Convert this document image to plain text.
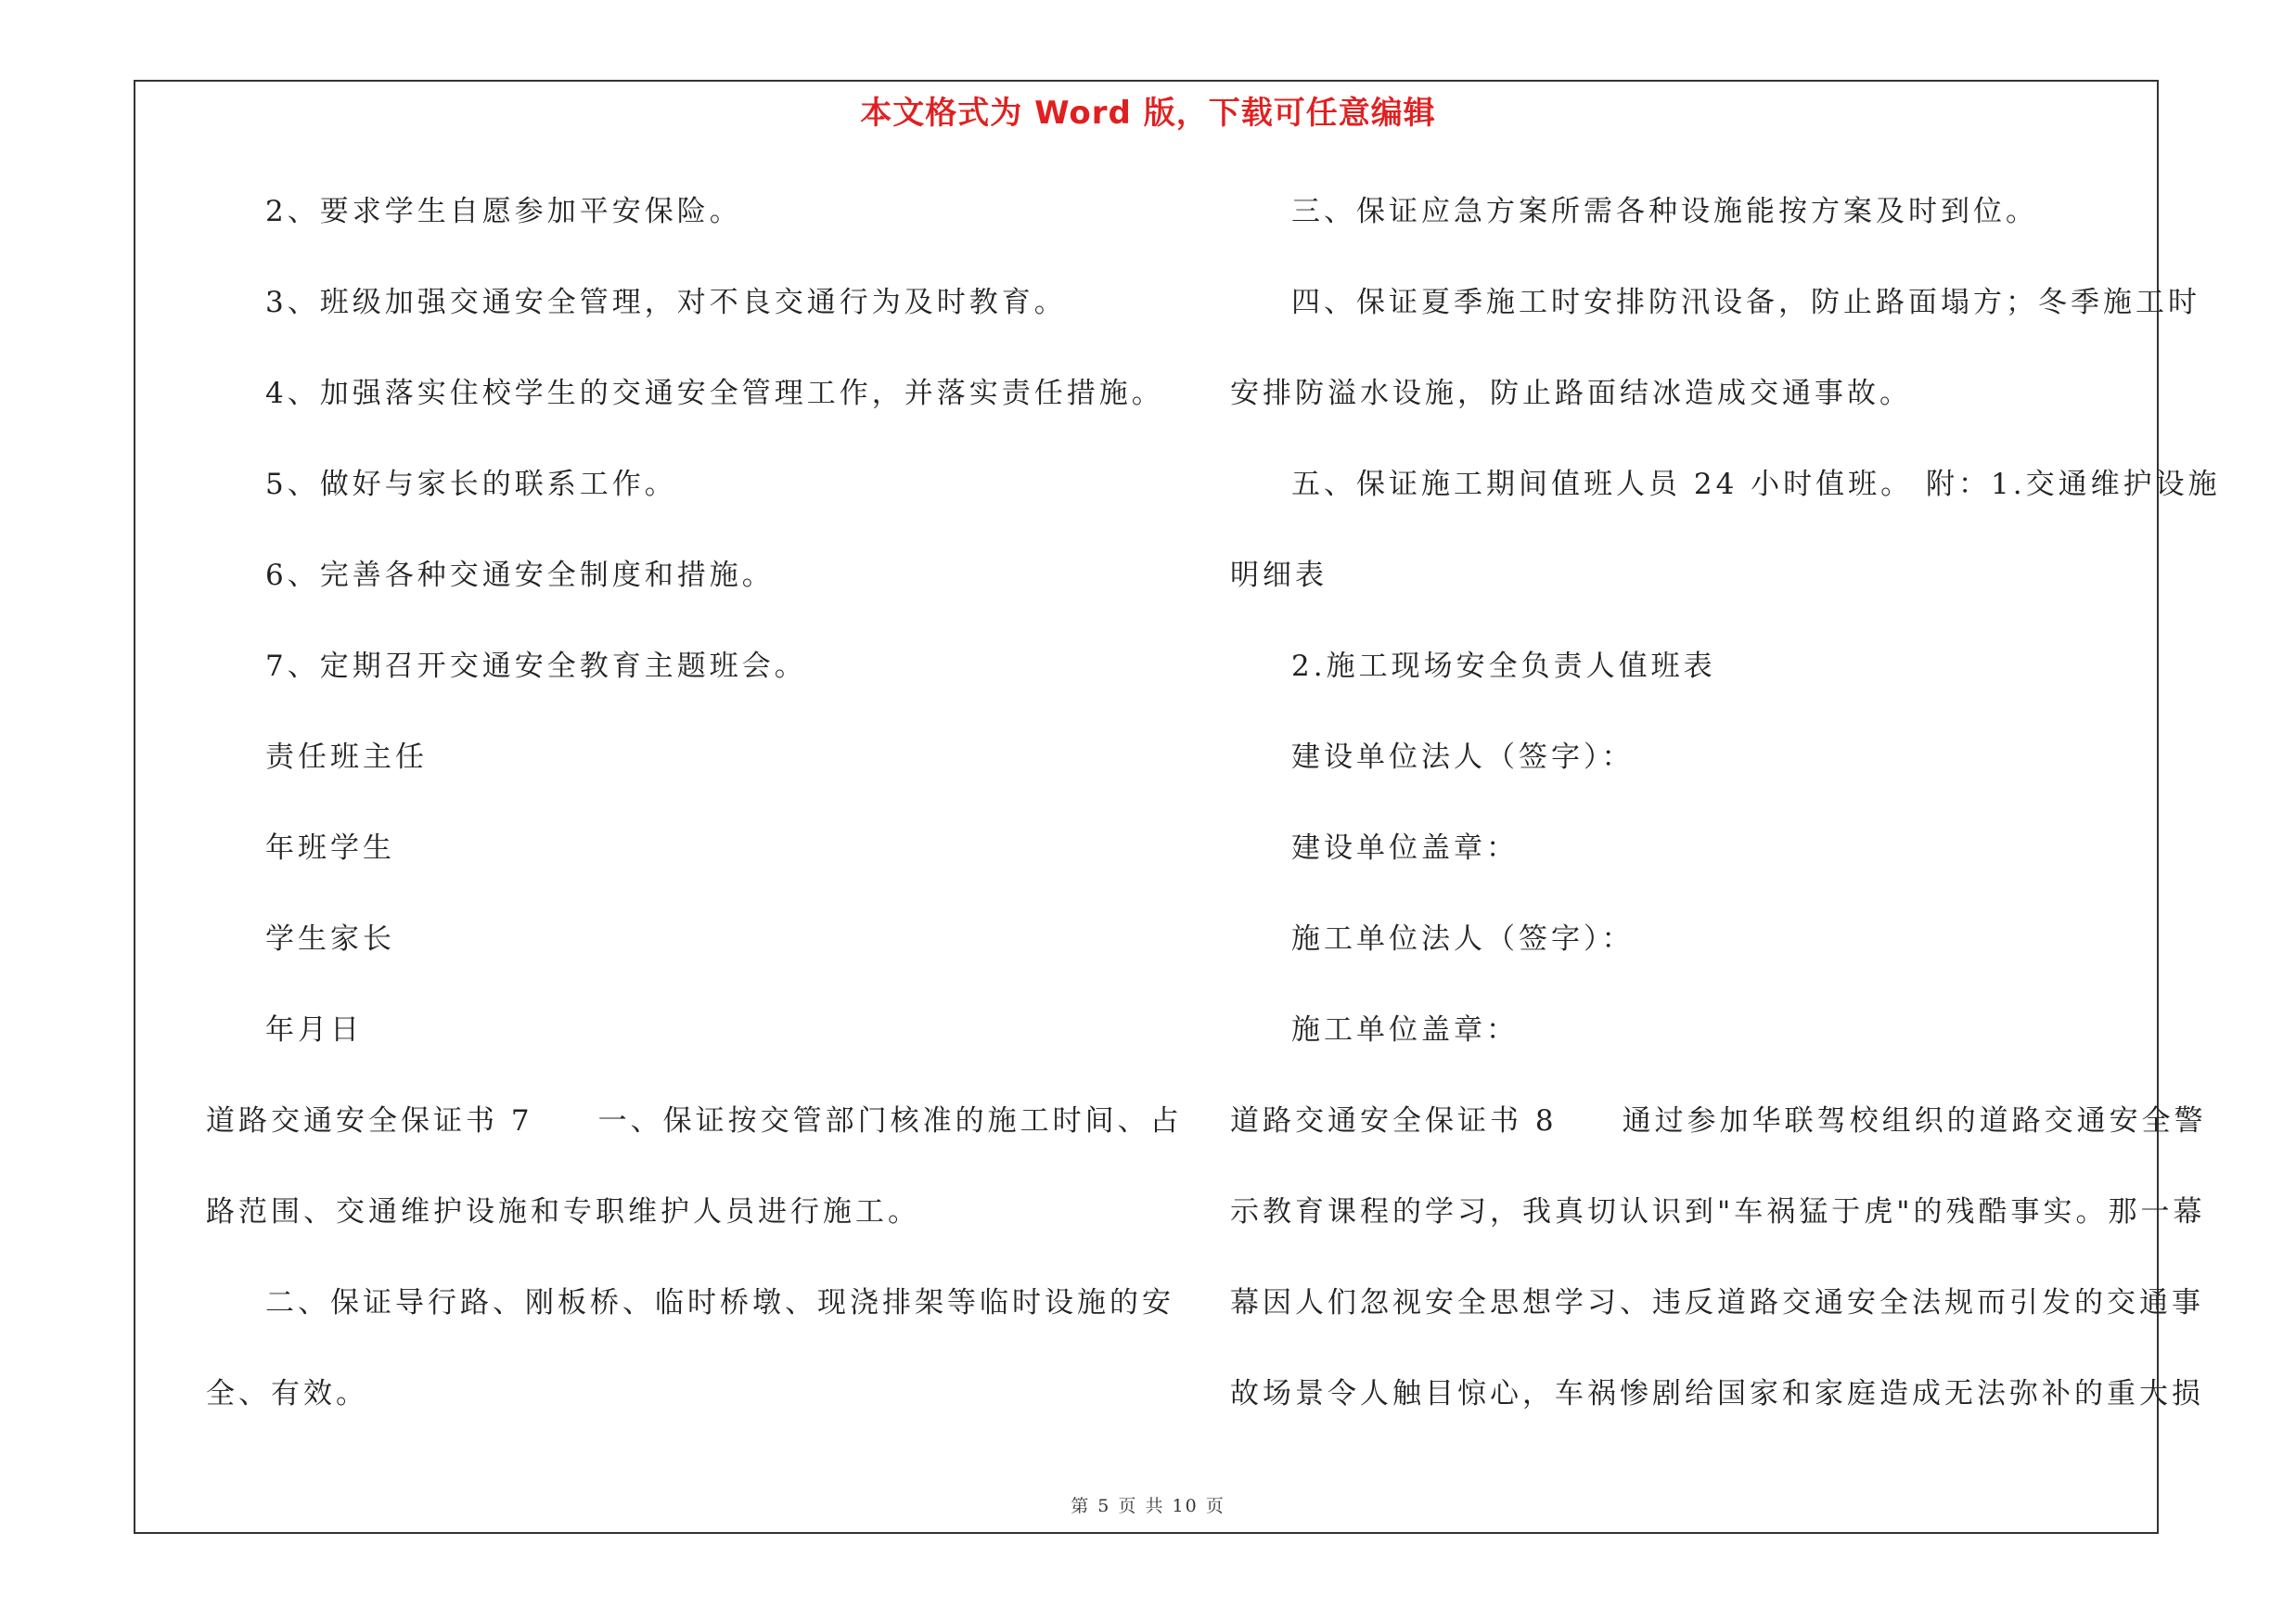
本文格式为 Word 版，下载可任意编辑
2、要求学生自愿参加平安保险。
3、班级加强交通安全管理，对不良交通行为及时教育。
4、加强落实住校学生的交通安全管理工作，并落实责任措施。
5、做好与家长的联系工作。
6、完善各种交通安全制度和措施。
7、定期召开交通安全教育主题班会。
责任班主任
年班学生
学生家长
年月日
道路交通安全保证书 7　　一、保证按交管部门核准的施工时间、占
路范围、交通维护设施和专职维护人员进行施工。
二、保证导行路、刚板桥、临时桥墩、现浇排架等临时设施的安
全、有效。
三、保证应急方案所需各种设施能按方案及时到位。
四、保证夏季施工时安排防汛设备，防止路面塌方；冬季施工时
安排防溢水设施，防止路面结冰造成交通事故。
五、保证施工期间值班人员 24 小时值班。 附：1.交通维护设施
明细表
2.施工现场安全负责人值班表
建设单位法人（签字）：
建设单位盖章：
施工单位法人（签字）：
施工单位盖章：
道路交通安全保证书 8　　通过参加华联驾校组织的道路交通安全警
示教育课程的学习，我真切认识到"车祸猛于虎"的残酷事实。那一幕
幕因人们忽视安全思想学习、违反道路交通安全法规而引发的交通事
故场景令人触目惊心，车祸惨剧给国家和家庭造成无法弥补的重大损
第 5 页 共 10 页
